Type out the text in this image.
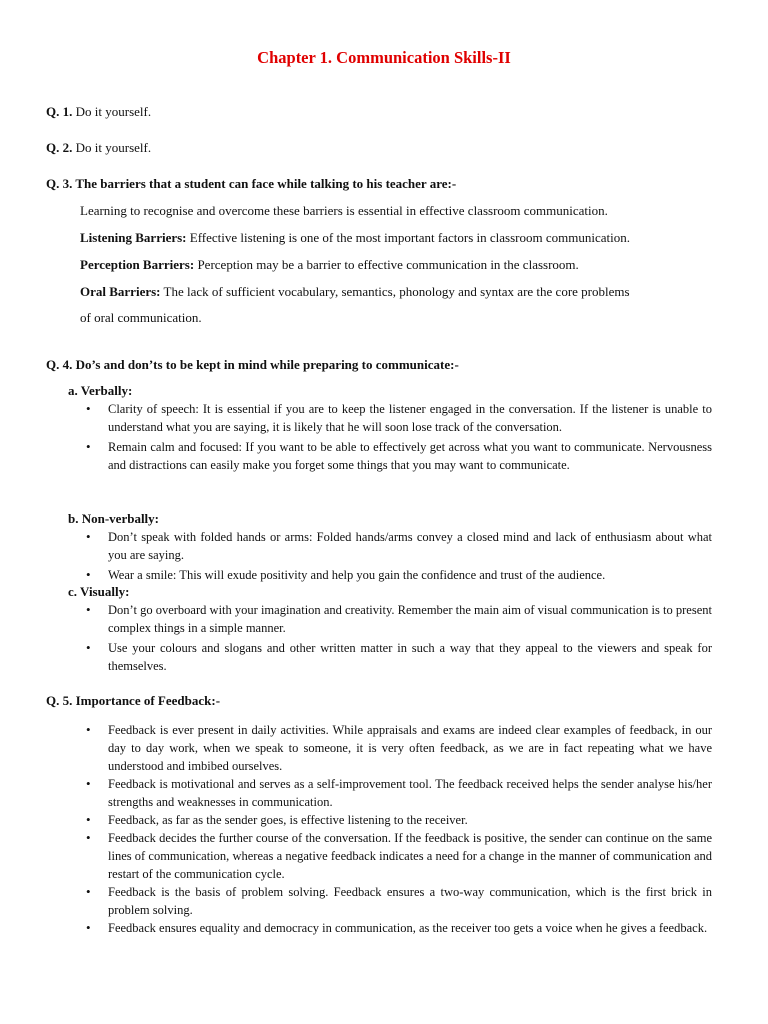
Chapter 1. Communication Skills-II
Q. 1. Do it yourself.
Q. 2. Do it yourself.
Q. 3. The barriers that a student can face while talking to his teacher are:-
Learning to recognise and overcome these barriers is essential in effective classroom communication.
Listening Barriers: Effective listening is one of the most important factors in classroom communication.
Perception Barriers: Perception may be a barrier to effective communication in the classroom.
Oral Barriers: The lack of sufficient vocabulary, semantics, phonology and syntax are the core problems
of oral communication.
Q. 4. Do’s and don’ts to be kept in mind while preparing to communicate:-
a. Verbally:
• Clarity of speech: It is essential if you are to keep the listener engaged in the conversation. If the listener is unable to understand what you are saying, it is likely that he will soon lose track of the conversation.
• Remain calm and focused: If you want to be able to effectively get across what you want to communicate. Nervousness and distractions can easily make you forget some things that you may want to communicate.
b. Non-verbally:
• Don’t speak with folded hands or arms: Folded hands/arms convey a closed mind and lack of enthusiasm about what you are saying.
• Wear a smile: This will exude positivity and help you gain the confidence and trust of the audience.
c. Visually:
• Don’t go overboard with your imagination and creativity. Remember the main aim of visual communication is to present complex things in a simple manner.
• Use your colours and slogans and other written matter in such a way that they appeal to the viewers and speak for themselves.
Q. 5. Importance of Feedback:-
• Feedback is ever present in daily activities. While appraisals and exams are indeed clear examples of feedback, in our day to day work, when we speak to someone, it is very often feedback, as we are in fact repeating what we have understood and imbibed ourselves.
• Feedback is motivational and serves as a self-improvement tool. The feedback received helps the sender analyse his/her strengths and weaknesses in communication.
• Feedback, as far as the sender goes, is effective listening to the receiver.
• Feedback decides the further course of the conversation. If the feedback is positive, the sender can continue on the same lines of communication, whereas a negative feedback indicates a need for a change in the manner of communication and restart of the communication cycle.
• Feedback is the basis of problem solving. Feedback ensures a two-way communication, which is the first brick in problem solving.
• Feedback ensures equality and democracy in communication, as the receiver too gets a voice when he gives a feedback.
